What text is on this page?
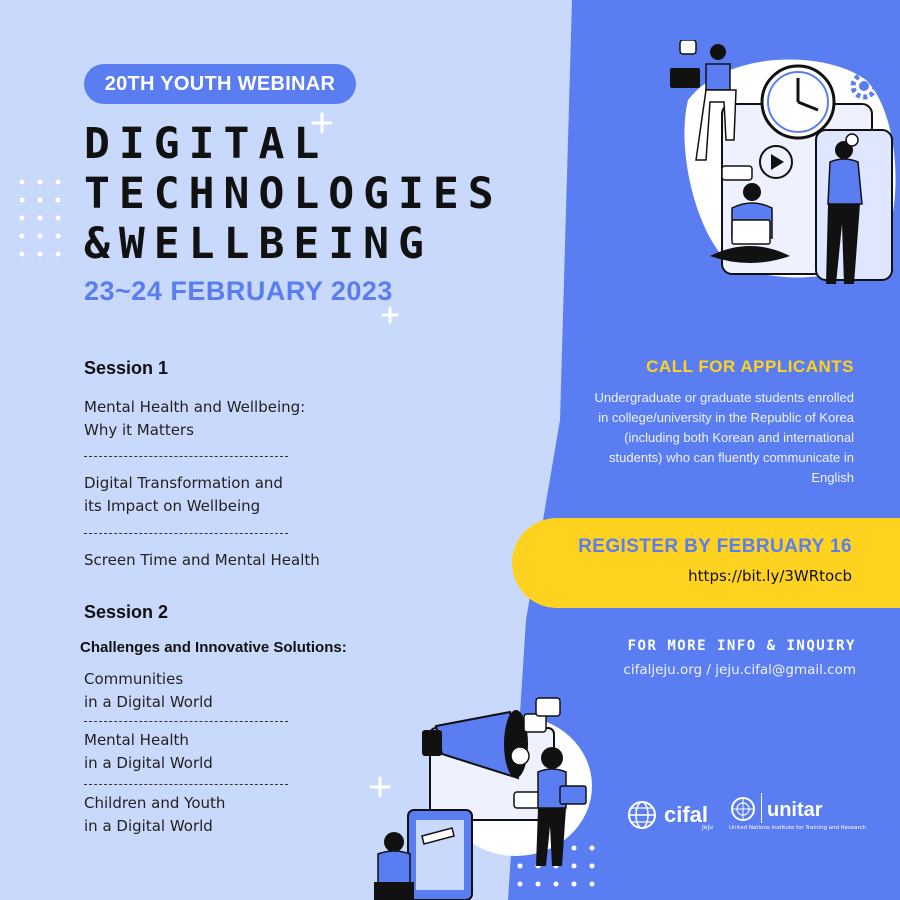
20TH YOUTH WEBINAR
DIGITAL
TECHNOLOGIES
&WELLBEING
23~24 FEBRUARY 2023
Session 1
Mental Health and Wellbeing:
Why it Matters
Digital Transformation and
its Impact on Wellbeing
Screen Time and Mental Health
Session 2
Challenges and Innovative Solutions:
Communities
in a Digital World
Mental Health
in a Digital World
Children and Youth
in a Digital World
CALL FOR APPLICANTS
Undergraduate or graduate students enrolled in college/university in the Republic of Korea (including both Korean and international students) who can fluently communicate in English
REGISTER BY FEBRUARY 16
https://bit.ly/3WRtocb
FOR MORE INFO & INQUIRY
cifaljeju.org / jeju.cifal@gmail.com
cifal
Jeju
unitar
United Nations Institute for Training and Research
